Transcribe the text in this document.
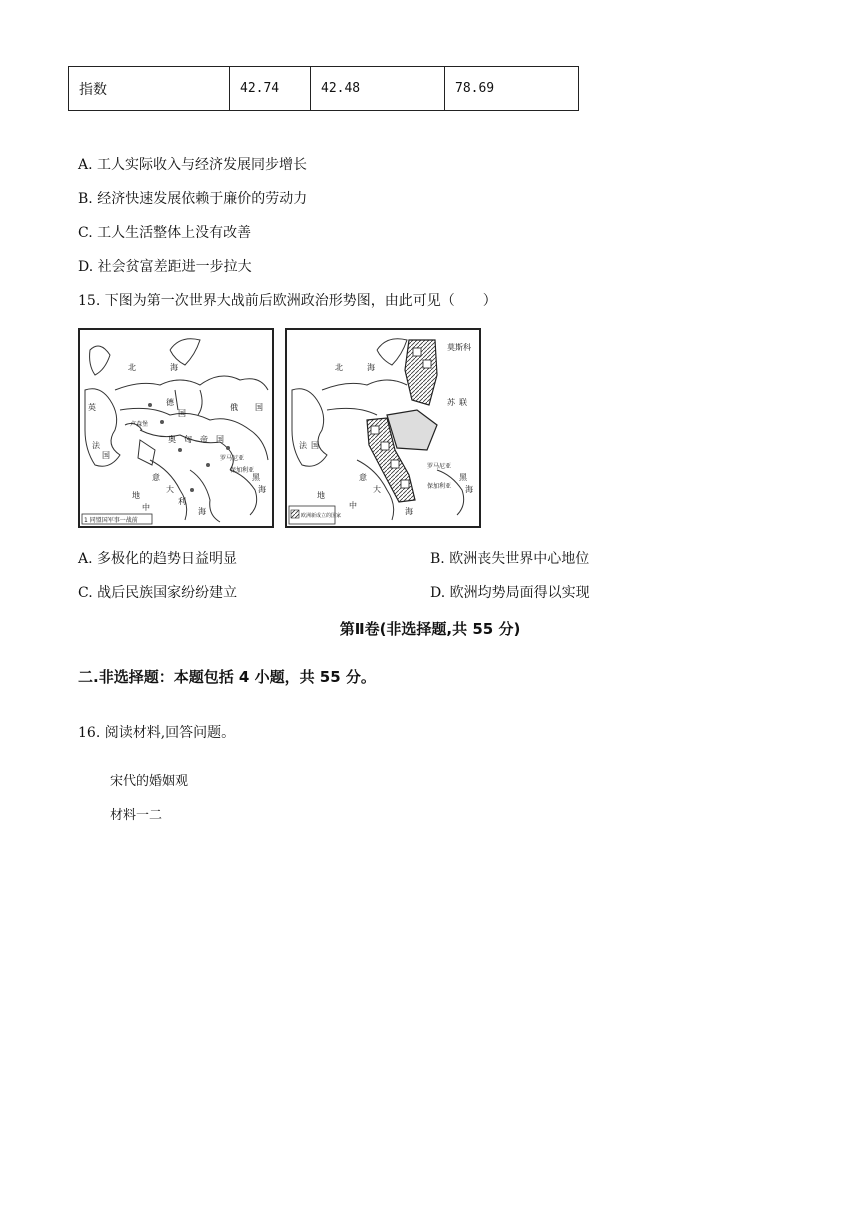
指数	42.74	42.48	78.69
A. 工人实际收入与经济发展同步增长
B. 经济快速发展依赖于廉价的劳动力
C. 工人生活整体上没有改善
D. 社会贫富差距进一步拉大
15. 下图为第一次世界大战前后欧洲政治形势图，由此可见（　　）
北	海
英
法
国
德
国
俄 国
奥 匈 帝 国
意
大
利
中
地
海
黑
海
罗马尼亚
保加利亚
卢森堡
1 同盟国军事一战前
北	海
莫斯科
苏 联
法 国
意
大
中
海
罗马尼亚
保加利亚
黑
海
地
欧洲新成立的国家
A. 多极化的趋势日益明显	B. 欧洲丧失世界中心地位
C. 战后民族国家纷纷建立	D. 欧洲均势局面得以实现
第Ⅱ卷(非选择题,共 55 分)
二.非选择题：本题包括 4 小题，共 55 分。
16. 阅读材料,回答问题。
宋代的婚姻观
材料一二
